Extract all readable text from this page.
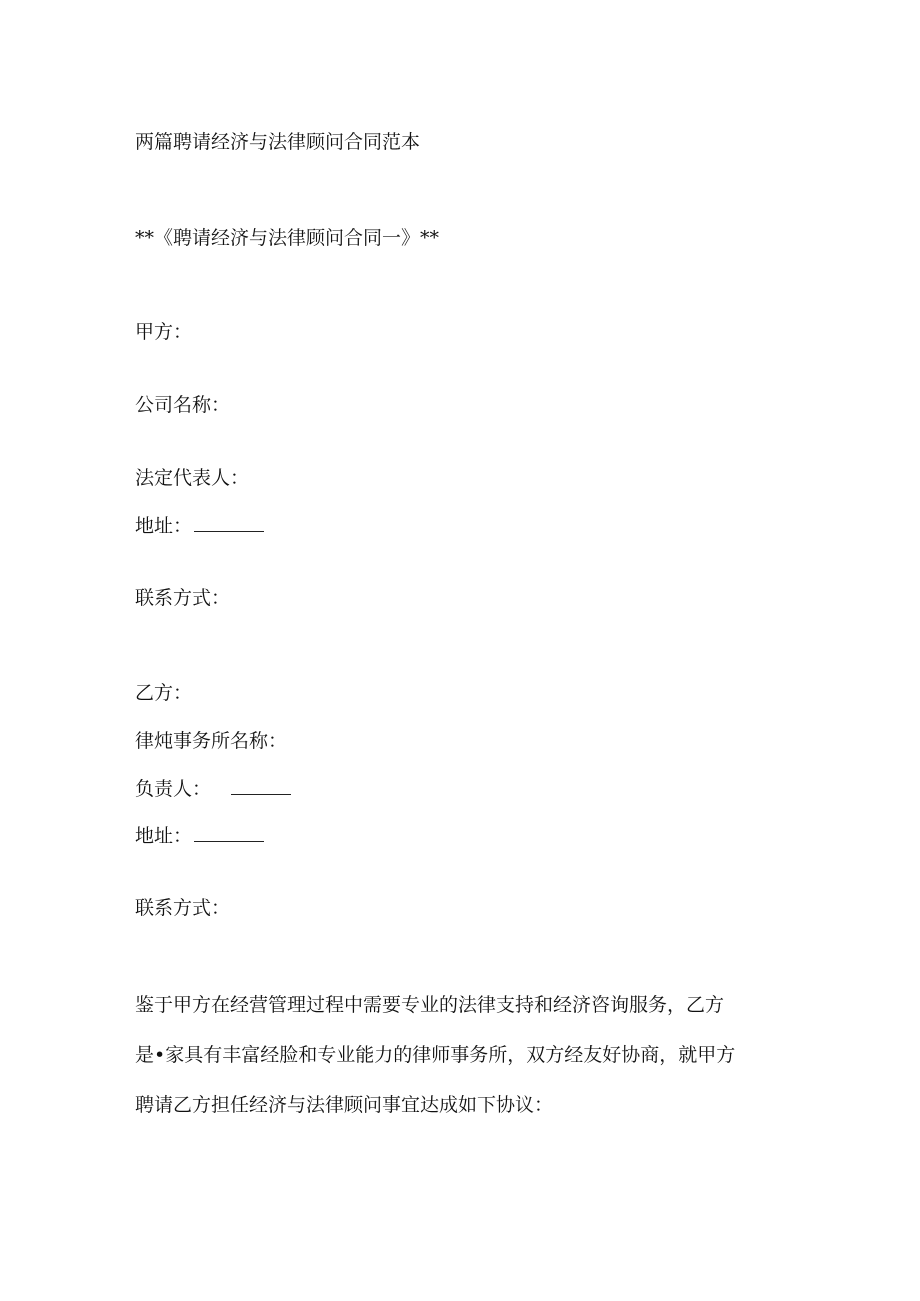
两篇聘请经济与法律顾问合同范本
**《聘请经济与法律顾问合同一》**
甲方：
公司名称：
法定代表人：
地址：
联系方式：
乙方：
律炖事务所名称：
负责人：
地址：
联系方式：
鉴于甲方在经营管理过程中需要专业的法律支持和经济咨询服务，乙方
是•家具有丰富经脸和专业能力的律师事务所，双方经友好协商，就甲方
聘请乙方担任经济与法律顾问事宜达成如下协议：
